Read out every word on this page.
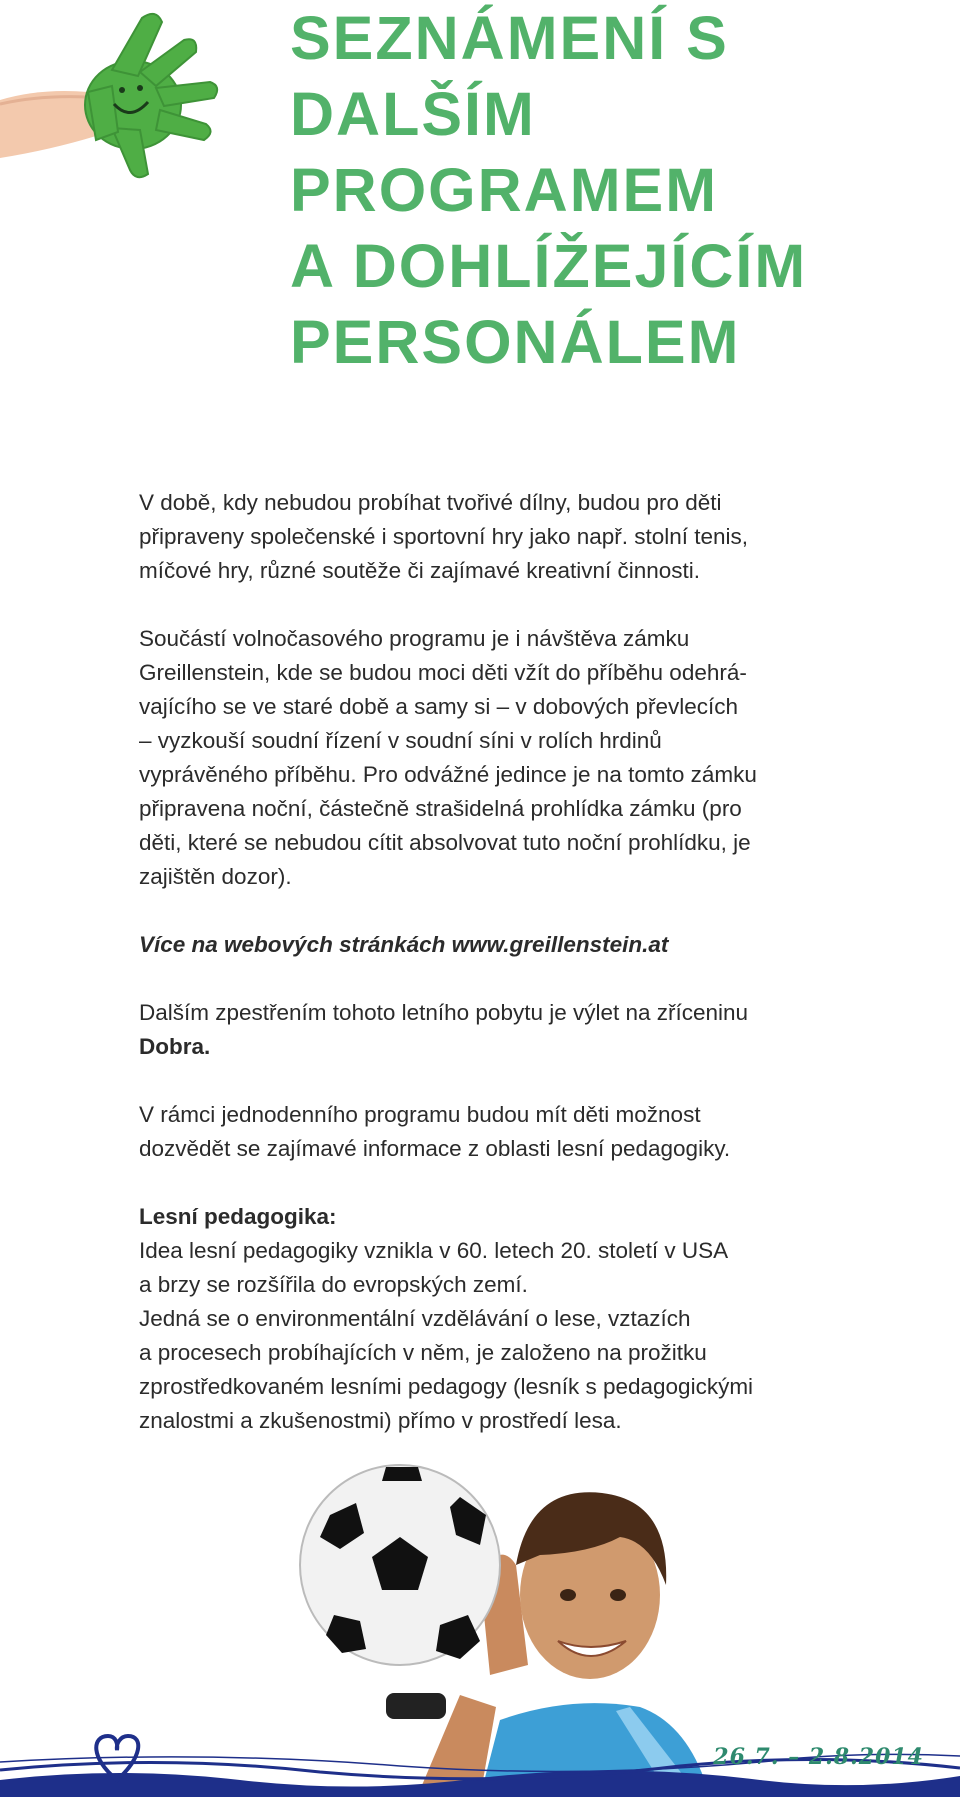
SEZNÁMENÍ S
DALŠÍM
PROGRAMEM
A DOHLÍŽEJÍCÍM
PERSONÁLEM

V době, kdy nebudou probíhat tvořivé dílny, budou pro děti
připraveny společenské i sportovní hry jako např. stolní tenis,
míčové hry, různé soutěže či zajímavé kreativní činnosti.

Součástí volnočasového programu je i návštěva zámku
Greillenstein, kde se budou moci děti vžít do příběhu odehrá-
vajícího se ve staré době a samy si – v dobových převlecích
– vyzkouší soudní řízení v soudní síni v rolích hrdinů
vyprávěného příběhu. Pro odvážné jedince je na tomto zámku
připravena noční, částečně strašidelná prohlídka zámku (pro
děti, které se nebudou cítit absolvovat tuto noční prohlídku, je
zajištěn dozor).

Více na webových stránkách www.greillenstein.at

Dalším zpestřením tohoto letního pobytu je výlet na zříceninu
Dobra.

V rámci jednodenního programu budou mít děti možnost
dozvědět se zajímavé informace z oblasti lesní pedagogiky.

Lesní pedagogika:
Idea lesní pedagogiky vznikla v 60. letech 20. století v USA
a brzy se rozšířila do evropských zemí.
Jedná se o environmentální vzdělávání o lese, vztazích
a procesech probíhajících v něm, je založeno na prožitku
zprostředkovaném lesními pedagogy (lesník s pedagogickými
znalostmi a zkušenostmi) přímo v prostředí lesa.

26.7. – 2.8.2014
